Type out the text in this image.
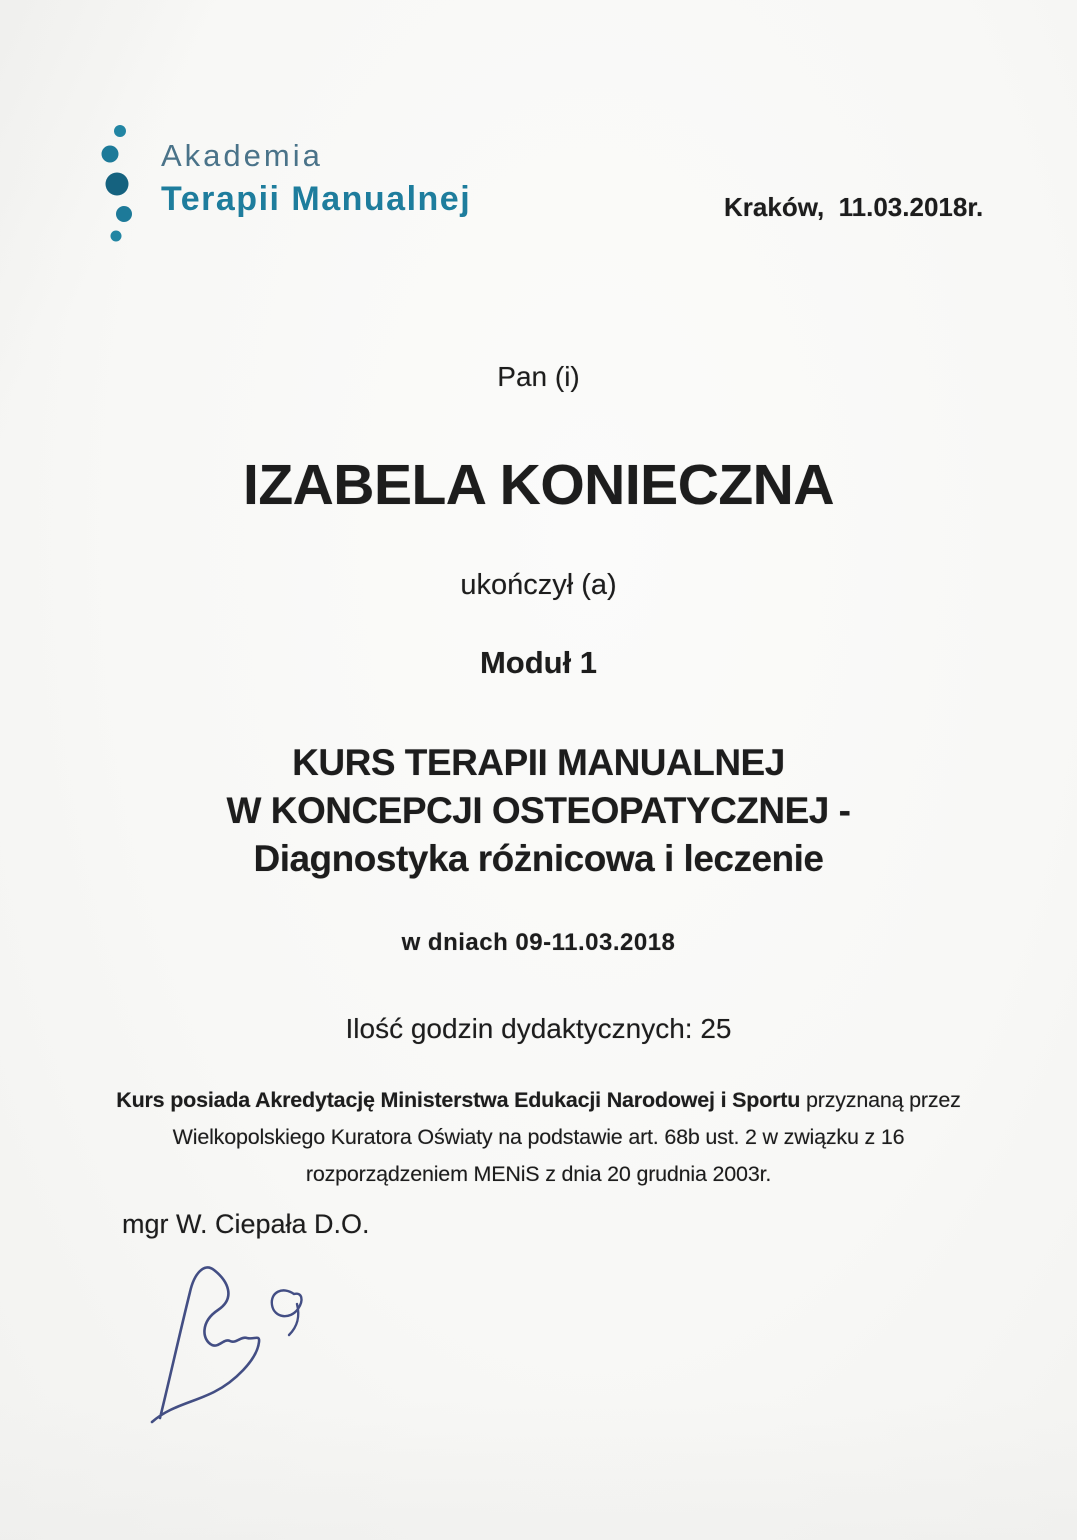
Akademia
Terapii Manualnej	Kraków,  11.03.2018r.
Pan (i)
IZABELA KONIECZNA
ukończył (a)
Moduł 1
KURS TERAPII MANUALNEJ
W KONCEPCJI OSTEOPATYCZNEJ -
Diagnostyka różnicowa i leczenie
w dniach 09-11.03.2018
Ilość godzin dydaktycznych: 25
Kurs posiada Akredytację Ministerstwa Edukacji Narodowej i Sportu przyznaną przez
Wielkopolskiego Kuratora Oświaty na podstawie art. 68b ust. 2 w związku z 16
rozporządzeniem MENiS z dnia 20 grudnia 2003r.
mgr W. Ciepała D.O.
